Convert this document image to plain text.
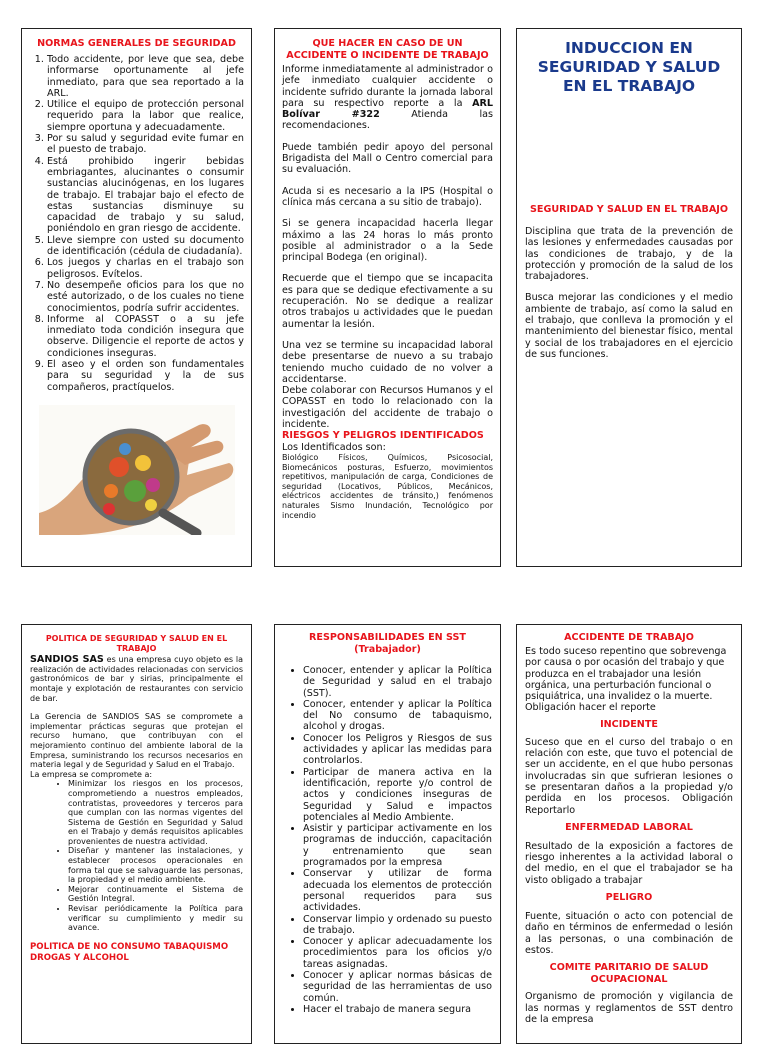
NORMAS GENERALES DE SEGURIDAD
1. Todo accidente, por leve que sea, debe informarse oportunamente al jefe inmediato, para que sea reportado a la ARL.
2. Utilice el equipo de protección personal requerido para la labor que realice, siempre oportuna y adecuadamente.
3. Por su salud y seguridad evite fumar en el puesto de trabajo.
4. Está prohibido ingerir bebidas embriagantes, alucinantes o consumir sustancias alucinógenas, en los lugares de trabajo. El trabajar bajo el efecto de estas sustancias disminuye su capacidad de trabajo y su salud, poniéndolo en gran riesgo de accidente.
5. Lleve siempre con usted su documento de identificación (cédula de ciudadanía).
6. Los juegos y charlas en el trabajo son peligrosos. Evítelos.
7. No desempeñe oficios para los que no esté autorizado, o de los cuales no tiene conocimientos, podría sufrir accidentes.
8. Informe al COPASST o a su jefe inmediato toda condición insegura que observe. Diligencie el reporte de actos y condiciones inseguras.
9. El aseo y el orden son fundamentales para su seguridad y la de sus compañeros, practíquelos.
QUE HACER EN CASO DE UN ACCIDENTE O INCIDENTE DE TRABAJO

Informe inmediatamente al administrador o jefe inmediato cualquier accidente o incidente sufrido durante la jornada laboral para su respectivo reporte a la ARL Bolívar #322 Atienda las recomendaciones.

Puede también pedir apoyo del personal Brigadista del Mall o Centro comercial para su evaluación.

Acuda si es necesario a la IPS (Hospital o clínica más cercana a su sitio de trabajo).

Si se genera incapacidad hacerla llegar máximo a las 24 horas lo más pronto posible al administrador o a la Sede principal Bodega (en original).

Recuerde que el tiempo que se incapacita es para que se dedique efectivamente a su recuperación. No se dedique a realizar otros trabajos u actividades que le puedan aumentar la lesión.

Una vez se termine su incapacidad laboral debe presentarse de nuevo a su trabajo teniendo mucho cuidado de no volver a accidentarse.

Debe colaborar con Recursos Humanos y el COPASST en todo lo relacionado con la investigación del accidente de trabajo o incidente.

RIESGOS Y PELIGROS IDENTIFICADOS

Los Identificados son:

Biológico Físicos, Químicos, Psicosocial, Biomecánicos posturas, Esfuerzo, movimientos repetitivos, manipulación de carga, Condiciones de seguridad (Locativos, Públicos, Mecánicos, eléctricos accidentes de tránsito,) fenómenos naturales Sismo Inundación, Tecnológico por incendio

INDUCCION EN SEGURIDAD Y SALUD EN EL TRABAJO
SEGURIDAD Y SALUD EN EL TRABAJO

Disciplina que trata de la prevención de las lesiones y enfermedades causadas por las condiciones de trabajo, y de la protección y promoción de la salud de los trabajadores.

Busca mejorar las condiciones y el medio ambiente de trabajo, así como la salud en el trabajo, que conlleva la promoción y el mantenimiento del bienestar físico, mental y social de los trabajadores en el ejercicio de sus funciones.

POLITICA DE SEGURIDAD Y SALUD EN EL TRABAJO

SANDIOS SAS es una empresa cuyo objeto es la realización de actividades relacionadas con servicios gastronómicos de bar y sirias, principalmente el montaje y explotación de restaurantes con servicio de bar.

La Gerencia de SANDIOS SAS se compromete a implementar prácticas seguras que protejan el recurso humano, que contribuyan con el mejoramiento continuo del ambiente laboral de la Empresa, suministrando los recursos necesarios en materia legal y de Seguridad y Salud en el Trabajo.

La empresa se compromete a:

• Minimizar los riesgos en los procesos, comprometiendo a nuestros empleados, contratistas, proveedores y terceros para que cumplan con las normas vigentes del Sistema de Gestión en Seguridad y Salud en el Trabajo y demás requisitos aplicables provenientes de nuestra actividad.
• Diseñar y mantener las instalaciones, y establecer procesos operacionales en forma tal que se salvaguarde las personas, la propiedad y el medio ambiente.
• Mejorar continuamente el Sistema de Gestión Integral.
• Revisar periódicamente la Política para verificar su cumplimiento y medir su avance.
POLITICA DE NO CONSUMO TABAQUISMO DROGAS Y ALCOHOL
RESPONSABILIDADES EN SST (Trabajador)
• Conocer, entender y aplicar la Política de Seguridad y salud en el trabajo (SST).
• Conocer, entender y aplicar la Política del No consumo de tabaquismo, alcohol y drogas.
• Conocer los Peligros y Riesgos de sus actividades y aplicar las medidas para controlarlos.
• Participar de manera activa en la identificación, reporte y/o control de actos y condiciones inseguras de Seguridad y Salud e impactos potenciales al Medio Ambiente.
• Asistir y participar activamente en los programas de inducción, capacitación y entrenamiento que sean programados por la empresa
• Conservar y utilizar de forma adecuada los elementos de protección personal requeridos para sus actividades.
• Conservar limpio y ordenado su puesto de trabajo.
• Conocer y aplicar adecuadamente los procedimientos para los oficios y/o tareas asignadas.
• Conocer y aplicar normas básicas de seguridad de las herramientas de uso común.
• Hacer el trabajo de manera segura
ACCIDENTE DE TRABAJO

Es todo suceso repentino que sobrevenga por causa o por ocasión del trabajo y que produzca en el trabajador una lesión orgánica, una perturbación funcional o psiquiátrica, una invalidez o la muerte. Obligación hacer el reporte

INCIDENTE

Suceso que en el curso del trabajo o en relación con este, que tuvo el potencial de ser un accidente, en el que hubo personas involucradas sin que sufrieran lesiones o se presentaran daños a la propiedad y/o perdida en los procesos. Obligación Reportarlo

ENFERMEDAD LABORAL

Resultado de la exposición a factores de riesgo inherentes a la actividad laboral o del medio, en el que el trabajador se ha visto obligado a trabajar

PELIGRO

Fuente, situación o acto con potencial de daño en términos de enfermedad o lesión a las personas, o una combinación de estos.

COMITE PARITARIO DE SALUD OCUPACIONAL

Organismo de promoción y vigilancia de las normas y reglamentos de SST dentro de la empresa
